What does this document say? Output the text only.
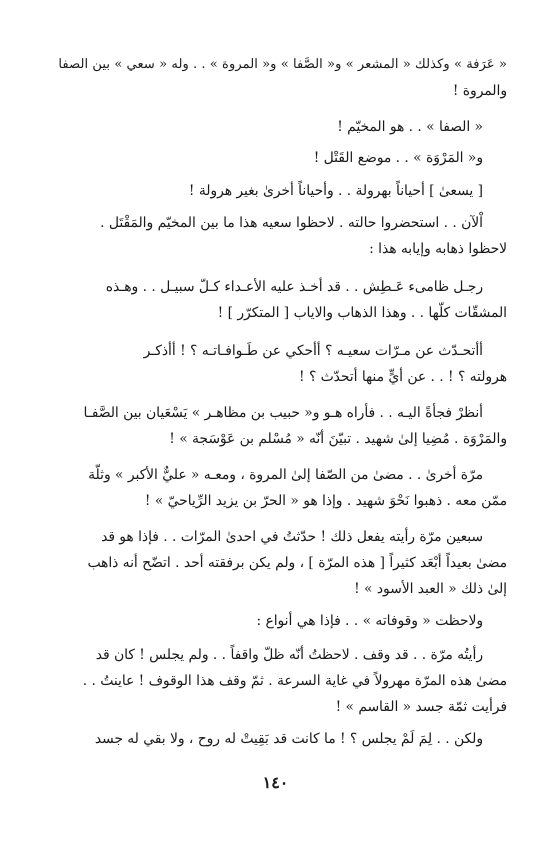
« عَرَفة » وكذلك « المشعر » و« الصَّفا » و« المروة » . . وله « سعي » بين الصفا
والمروة !

« الصفا » . . هو المخيّم !

و« المَرْوَة » . . موضع القَتْل !

[ يسعىٰ ] أحياناً بهرولة . . وأحياناً أخرىٰ بغير هرولة !

اْلآن . . استحضروا حالته . لاحظوا سعيه هذا ما بين المخيّم والمَقْتَل .

لاحظوا ذهابه وإيابه هذا :

رجـل ظامىء عَـطِش . . قد أخـذ عليه الأعـداء كـلّ سبيـل . . وهـذه

المشقّات كلّها . . وهذا الذهاب والاياب [ المتكرّر ] !

أأتحـدّث عن مـرّات سعيـه ؟ أأحكي عن طَـوافـاتـه ؟ ! أأذكـر

هرولته ؟ ! . . عن أيٍّ منها أتحدّث ؟ !

أنظرْ فجأةً اليـه . . فأراه هـو و« حبيب بن مظاهـر » يَسْعَيان بين الصَّفـا

والمَرْوَة . مُضِيا إلىٰ شهيد . تبيّنَ أنّه « مُسْلم بن عَوْسَجة » !

مرّة أخرىٰ . . مضىٰ من الصّفا إلىٰ المروة ، ومعـه « عليٌّ الأكبر » وثلّة

ممّن معه . ذهبوا نَحْوَ شهيد . وإذا هو « الحرّ بن يزيد الرِّياحيّ » !

سبعين مرّة رأيته يفعل ذلك ! حدّثتُ في احدىٰ المرّات . . فإذا هو قد

مضىٰ بعيداً أبْعَد كثيراً [ هذه المرّة ] ، ولم يكن برفقته أحد . اتضّح أنه ذاهب
إلىٰ ذلك « العبد الأسود » !

ولاحظت « وقوفاته » . . فإذا هي أنواع :

رأيتُه مرّة . . قد وقف . لاحظتُ أنّه ظلّ واقفاً . . ولم يجلس ! كان قد

مضىٰ هذه المرّة مهرولاً في غاية السرعة . ثمّ وقف هذا الوقوف ! عاينتُ . .
فرأيت ثمّة جسد « القاسم » !

ولكن . . لِمَ لَمْ يجلس ؟ ! ما كانت قد بَقِيتْ له روح ، ولا بقي له جسد

١٤٠
